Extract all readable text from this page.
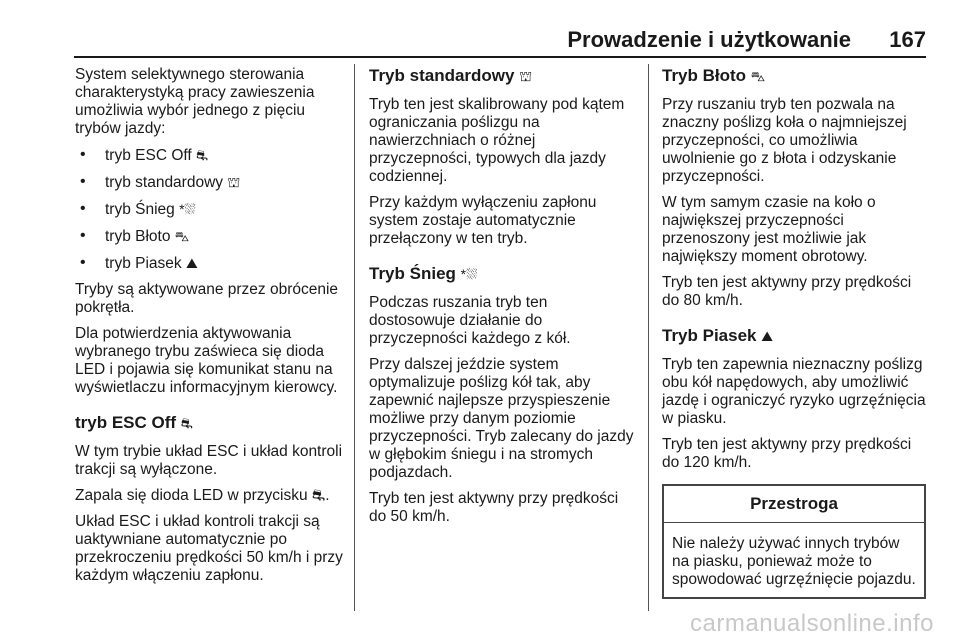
Prowadzenie i użytkowanie 167

System selektywnego sterowania charakterystyką pracy zawieszenia umożliwia wybór jednego z pięciu trybów jazdy:

• tryb ESC Off ⛐
• tryb standardowy ⛫
• tryb Śnieg *⛆
• tryb Błoto ⛍
• tryb Piasek ⛰

Tryby są aktywowane przez obrócenie pokrętła.

Dla potwierdzenia aktywowania wybranego trybu zaświeca się dioda LED i pojawia się komunikat stanu na wyświetlaczu informacyjnym kierowcy.

tryb ESC Off ⛐

W tym trybie układ ESC i układ kontroli trakcji są wyłączone.

Zapala się dioda LED w przycisku ⛐.

Układ ESC i układ kontroli trakcji są uaktywniane automatycznie po przekroczeniu prędkości 50 km/h i przy każdym włączeniu zapłonu.

Tryb standardowy ⛫

Tryb ten jest skalibrowany pod kątem ograniczania poślizgu na nawierzchniach o różnej przyczepności, typowych dla jazdy codziennej.

Przy każdym wyłączeniu zapłonu system zostaje automatycznie przełączony w ten tryb.

Tryb Śnieg *⛆

Podczas ruszania tryb ten dostosowuje działanie do przyczepności każdego z kół.

Przy dalszej jeździe system optymalizuje poślizg kół tak, aby zapewnić najlepsze przyspieszenie możliwe przy danym poziomie przyczepności. Tryb zalecany do jazdy w głębokim śniegu i na stromych podjazdach.

Tryb ten jest aktywny przy prędkości do 50 km/h.

Tryb Błoto ⛍

Przy ruszaniu tryb ten pozwala na znaczny poślizg koła o najmniejszej przyczepności, co umożliwia uwolnienie go z błota i odzyskanie przyczepności.

W tym samym czasie na koło o największej przyczepności przenoszony jest możliwie jak największy moment obrotowy.

Tryb ten jest aktywny przy prędkości do 80 km/h.

Tryb Piasek ⛰

Tryb ten zapewnia nieznaczny poślizg obu kół napędowych, aby umożliwić jazdę i ograniczyć ryzyko ugrzęźnięcia w piasku.

Tryb ten jest aktywny przy prędkości do 120 km/h.

Przestroga
Nie należy używać innych trybów na piasku, ponieważ może to spowodować ugrzęźnięcie pojazdu.
carmanualsonline.info
